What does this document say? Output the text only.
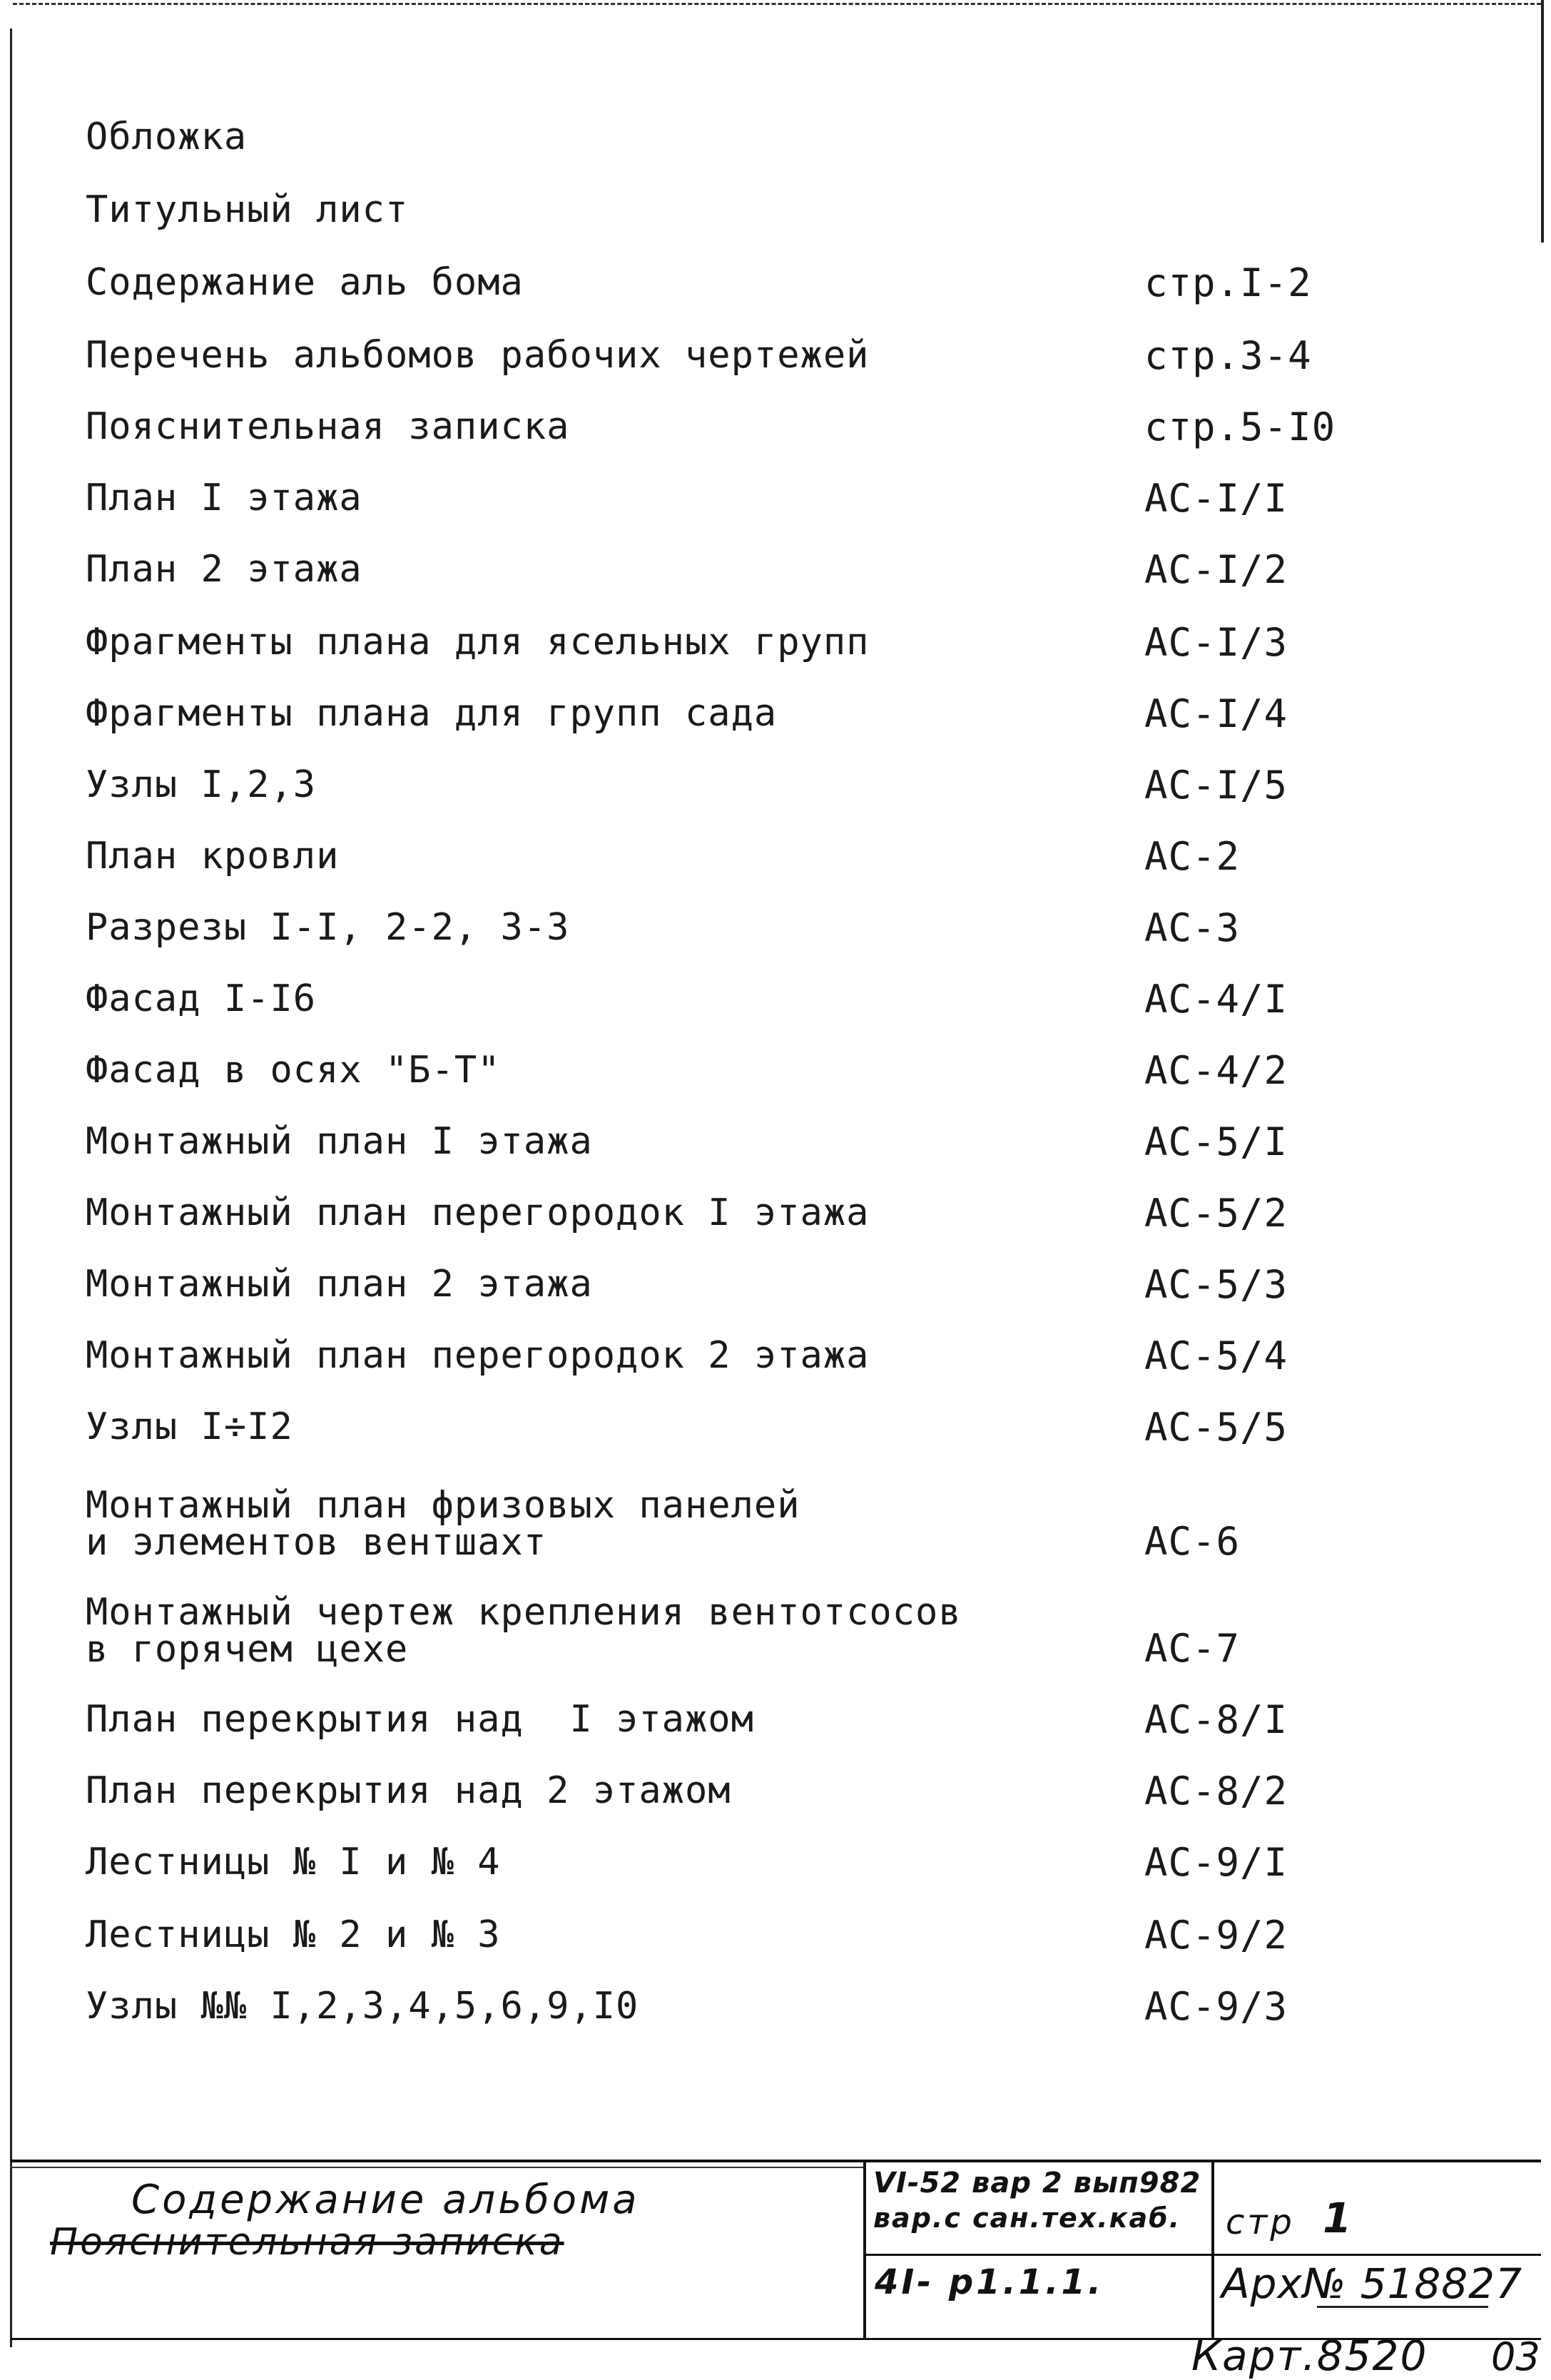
Обложка
Титульный лист
Содержание аль бома	стр.I-2
Перечень альбомов рабочих чертежей	стр.3-4
Пояснительная записка	стр.5-I0
План I этажа	АС-I/I
План 2 этажа	АС-I/2
Фрагменты плана для ясельных групп	АС-I/3
Фрагменты плана для групп сада	АС-I/4
Узлы I,2,3	АС-I/5
План кровли	АС-2
Разрезы I-I, 2-2, 3-3	АС-3
Фасад I-I6	АС-4/I
Фасад в осях "Б-Т"	АС-4/2
Монтажный план I этажа	АС-5/I
Монтажный план перегородок I этажа	АС-5/2
Монтажный план 2 этажа	АС-5/3
Монтажный план перегородок 2 этажа	АС-5/4
Узлы I÷I2	АС-5/5
Монтажный план фризовых панелей
и элементов вентшахт	АС-6
Монтажный чертеж крепления вентотсосов
в горячем цехе	АС-7
План перекрытия над  I этажом	АС-8/I
План перекрытия над 2 этажом	АС-8/2
Лестницы № I и № 4	АС-9/I
Лестницы № 2 и № 3	АС-9/2
Узлы №№ I,2,3,4,5,6,9,I0	АС-9/3
Содержание альбома
Пояснительная записка
VI-52 вар 2 вып982
вар.с сан.тех.каб. стр 1
4I- р1.1.1.	Арх№ 518827
Карт.8520 03
